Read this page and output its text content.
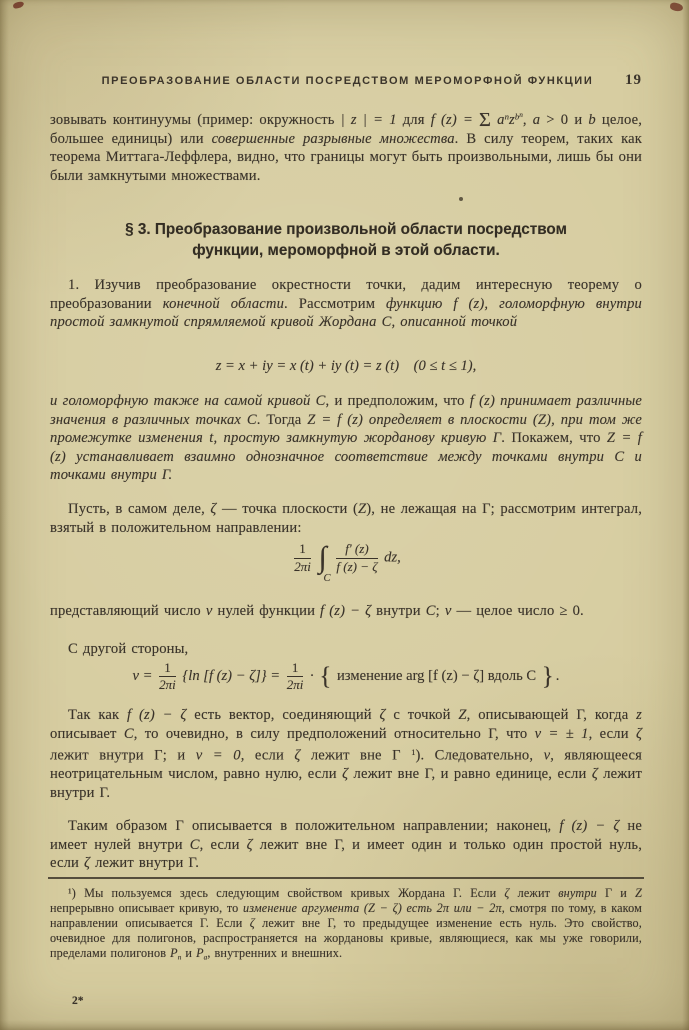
ПРЕОБРАЗОВАНИЕ ОБЛАСТИ ПОСРЕДСТВОМ МЕРОМОРФНОЙ ФУНКЦИИ	19

зовывать континуумы (пример: окружность | z | = 1 для f (z) = Σ $a^nz^{bn}$, a > 0 и b целое, большее единицы) или совершенные разрывные множества. В силу теорем, таких как теорема Миттага-Леффлера, видно, что границы могут быть произвольными, лишь бы они были замкнутыми множествами.

§ 3. Преобразование произвольной области посредством
функции, мероморфной в этой области.

1. Изучив преобразование окрестности точки, дадим интересную теорему о преобразовании конечной области. Рассмотрим функцию f (z), голоморфную внутри простой замкнутой спрямляемой кривой Жордана C, описанной точкой

z = x + iy = x (t) + iy (t) = z (t) (0 ≤ t ≤ 1),

и голоморфную также на самой кривой C, и предположим, что f (z) принимает различные значения в различных точках C. Тогда Z = f (z) определяет в плоскости (Z), при том же промежутке изменения t, простую замкнутую жорданову кривую Γ. Покажем, что Z = f (z) устанавливает взаимно однозначное соответствие между точками внутри C и точками внутри Γ.

Пусть, в самом деле, ζ — точка плоскости (Z), не лежащая на Γ; рассмотрим интеграл, взятый в положительном направлении:

$\frac{1}{2\pi i}$ ∫
C

$\frac{f' (z)}{f (z) - \zeta}$ dz,

представляющий число ν нулей функции f (z) − ζ внутри C; ν — целое число ≥ 0.

С другой стороны,

$\nu = \frac{1}{2\pi i} \{\ln$ [f $(z) - \zeta]\} = \frac{1}{2\pi i}$ · { изменение arg [f (z) − ζ] вдоль C } .

Так как f (z) − ζ есть вектор, соединяющий ζ с точкой Z, описывающей Γ, когда z описывает C, то очевидно, в силу предположений относительно Γ, что ν = ± 1, если ζ лежит внутри Γ; и ν = 0, если ζ лежит вне Γ $^1$). Следовательно, ν, являющееся неотрицательным числом, равно нулю, если ζ лежит вне Γ, и равно единице, если ζ лежит внутри Γ.

Таким образом Γ описывается в положительном направлении; наконец, f (z) − ζ не имеет нулей внутри C, если ζ лежит вне Γ, и имеет один и только один простой нуль, если ζ лежит внутри Γ.

¹) Мы пользуемся здесь следующим свойством кривых Жордана Γ. Если ζ лежит внутри Γ и Z непрерывно описывает кривую, то изменение аргумента (Z − ζ) есть 2π или − 2π, смотря по тому, в каком направлении описывается Γ. Если ζ лежит вне Γ, то предыдущее изменение есть нуль. Это свойство, очевидное для полигонов, распространяется на жордановы кривые, являющиеся, как мы уже говорили, пределами полигонов $P_n$ и $P_a$, внутренних и внешних.

2*
